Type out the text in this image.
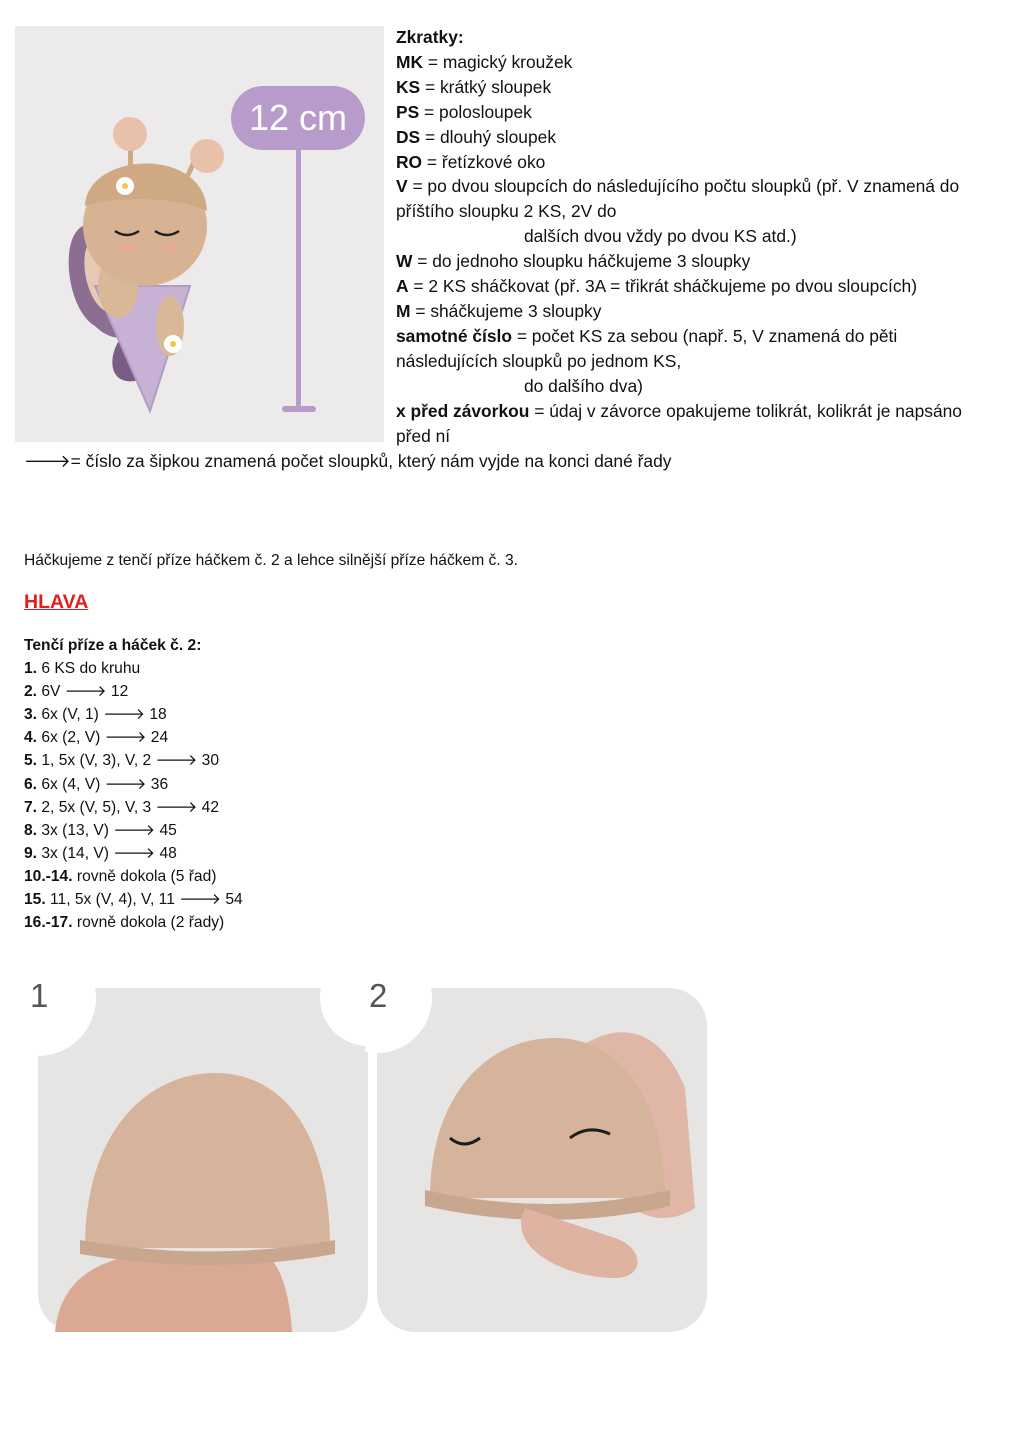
12 cm

Zkratky:

MK = magický kroužek

KS = krátký sloupek

PS = polosloupek

DS = dlouhý sloupek

RO = řetízkové oko

V = po dvou sloupcích do následujícího počtu sloupků (př. V znamená do příštího sloupku 2 KS, 2V do

dalších dvou vždy po dvou KS atd.)

W = do jednoho sloupku háčkujeme 3 sloupky

A = 2 KS sháčkovat (př. 3A = třikrát sháčkujeme po dvou sloupcích)

M = sháčkujeme 3 sloupky

samotné číslo = počet KS za sebou (např. 5, V znamená do pěti následujících sloupků po jednom KS,

do dalšího dva)

x před závorkou = údaj v závorce opakujeme tolikrát, kolikrát je napsáno před ní

🡒= číslo za šipkou znamená počet sloupků, který nám vyjde na konci dané řady
Háčkujeme z tenčí příze háčkem č. 2 a lehce silnější příze háčkem č. 3.
HLAVA
Tenčí příze a háček č. 2:
1. 6 KS do kruhu
2. 6V 🡒 12
3. 6x (V, 1) 🡒 18
4. 6x (2, V) 🡒 24
5. 1, 5x (V, 3), V, 2 🡒 30
6. 6x (4, V) 🡒 36
7. 2, 5x (V, 5), V, 3 🡒 42
8. 3x (13, V) 🡒 45
9. 3x (14, V) 🡒 48
10.-14. rovně dokola (5 řad)
15. 11, 5x (V, 4), V, 11 🡒 54
16.-17. rovně dokola (2 řady)
1	2
